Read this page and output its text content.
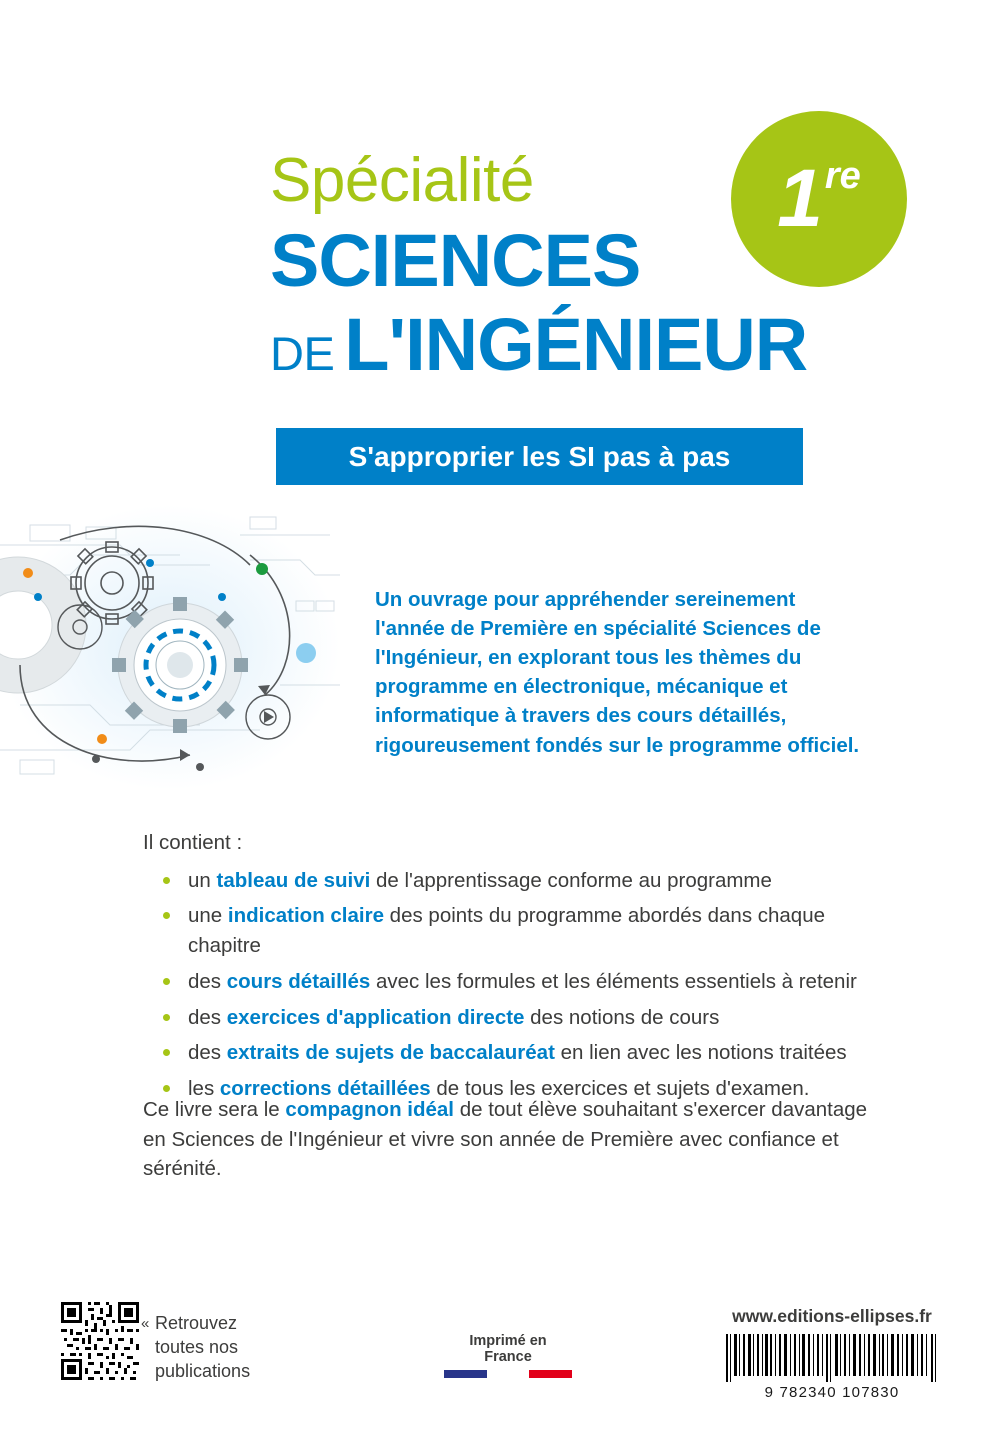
Spécialité
SCIENCES
DE L'INGÉNIEUR
1 re
S'approprier les SI pas à pas
Un ouvrage pour appréhender sereinement l'année de Première en spécialité Sciences de l'Ingénieur, en explorant tous les thèmes du programme en électronique, mécanique et informatique à travers des cours détaillés, rigoureusement fondés sur le programme officiel.

Il contient :

un tableau de suivi de l'apprentissage conforme au programme
une indication claire des points du programme abordés dans chaque chapitre
des cours détaillés avec les formules et les éléments essentiels à retenir
des exercices d'application directe des notions de cours
des extraits de sujets de baccalauréat en lien avec les notions traitées
les corrections détaillées de tous les exercices et sujets d'examen.
Ce livre sera le compagnon idéal de tout élève souhaitant s'exercer davantage en Sciences de l'Ingénieur et vivre son année de Première avec confiance et sérénité.
« Retrouvez
toutes nos
publications
Imprimé en France
www.editions-ellipses.fr
9 782340 107830
